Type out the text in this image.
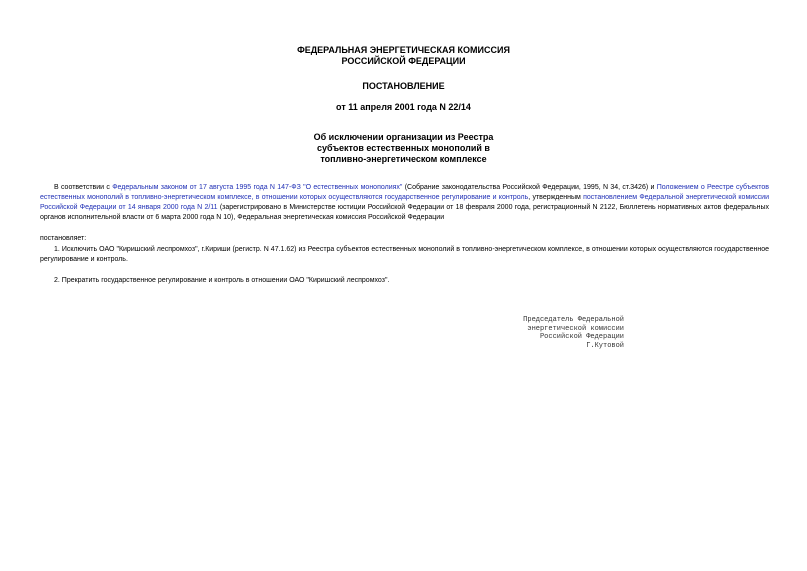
ФЕДЕРАЛЬНАЯ ЭНЕРГЕТИЧЕСКАЯ КОМИССИЯ
РОССИЙСКОЙ ФЕДЕРАЦИИ
ПОСТАНОВЛЕНИЕ
от 11 апреля 2001 года N 22/14
Об исключении организации из Реестра
субъектов естественных монополий в
топливно-энергетическом комплексе
В соответствии с Федеральным законом от 17 августа 1995 года N 147-ФЗ "О естественных монополиях" (Собрание законодательства Российской Федерации, 1995, N 34, ст.3426) и Положением о Реестре субъектов естественных монополий в топливно-энергетическом комплексе, в отношении которых осуществляются государственное регулирование и контроль, утвержденным постановлением Федеральной энергетической комиссии Российской Федерации от 14 января 2000 года N 2/11 (зарегистрировано в Министерстве юстиции Российской Федерации от 18 февраля 2000 года, регистрационный N 2122, Бюллетень нормативных актов федеральных органов исполнительной власти от 6 марта 2000 года N 10), Федеральная энергетическая комиссия Российской Федерации
постановляет:
1. Исключить ОАО "Киришский леспромхоз", г.Кириши (регистр. N 47.1.62) из Реестра субъектов естественных монополий в топливно-энергетическом комплексе, в отношении которых осуществляются государственное регулирование и контроль.
2. Прекратить государственное регулирование и контроль в отношении ОАО "Киришский леспромхоз".
Председатель Федеральной
энергетической комиссии
Российской Федерации
Г.Кутовой
